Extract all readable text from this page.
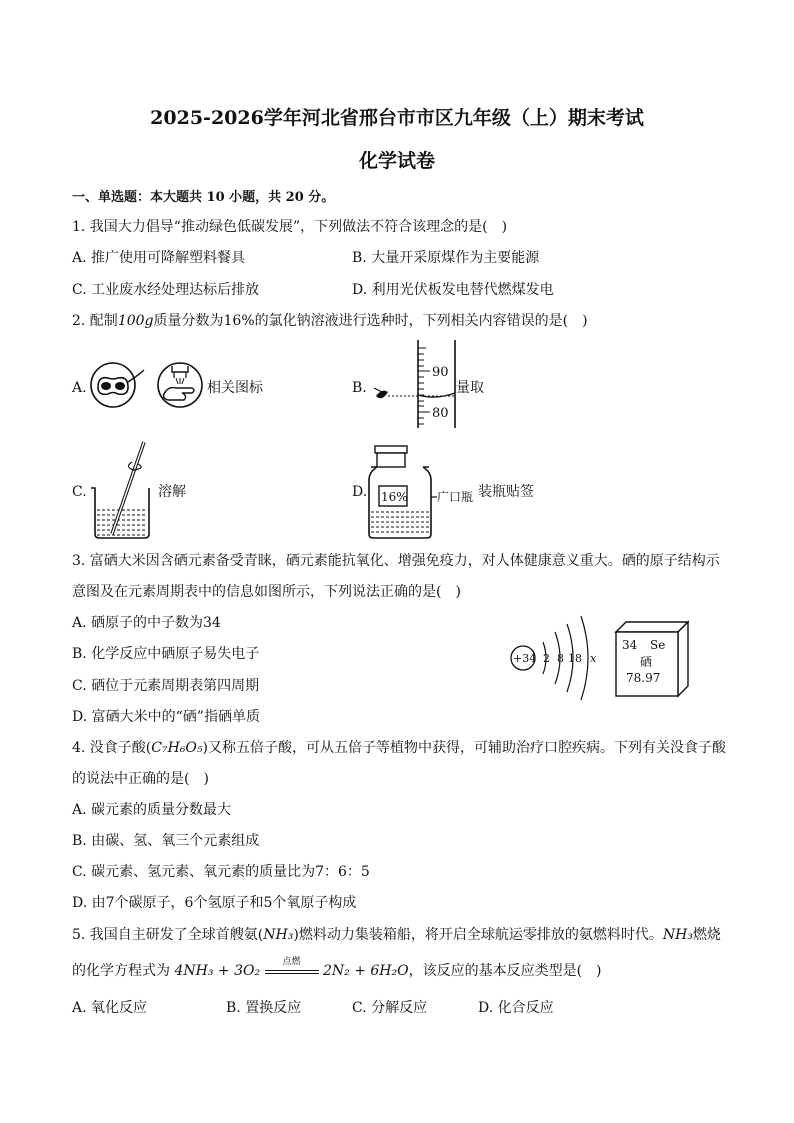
2025-2026学年河北省邢台市市区九年级（上）期末考试
化学试卷
一、单选题：本大题共 10 小题，共 20 分。
1. 我国大力倡导“推动绿色低碳发展”，下列做法不符合该理念的是(　)
A. 推广使用可降解塑料餐具	B. 大量开采原煤作为主要能源
C. 工业废水经处理达标后排放	D. 利用光伏板发电替代燃煤发电
2. 配制100g质量分数为16%的氯化钠溶液进行选种时，下列相关内容错误的是(　)
A.	相关图标	B.
90
80
量取
C.	溶解	D. 16% 广口瓶 装瓶贴签
3. 富硒大米因含硒元素备受青睐，硒元素能抗氧化、增强免疫力，对人体健康意义重大。硒的原子结构示
意图及在元素周期表中的信息如图所示，下列说法正确的是(　)
A. 硒原子的中子数为34
B. 化学反应中硒原子易失电子
C. 硒位于元素周期表第四周期
D. 富硒大米中的“硒”指硒单质
+34 2 8 18 x
34 Se
硒
78.97
4. 没食子酸(C₇H₆O₅)又称五倍子酸，可从五倍子等植物中获得，可辅助治疗口腔疾病。下列有关没食子酸
的说法中正确的是(　)
A. 碳元素的质量分数最大
B. 由碳、氢、氧三个元素组成
C. 碳元素、氢元素、氧元素的质量比为7：6：5
D. 由7个碳原子，6个氢原子和5个氧原子构成
5. 我国自主研发了全球首艘氨(NH₃)燃料动力集装箱船，将开启全球航运零排放的氨燃料时代。NH₃燃烧
的化学方程式为 4NH₃ + 3O₂
点燃
2N₂ + 6H₂O，该反应的基本反应类型是(　)
A. 氧化反应	B. 置换反应	C. 分解反应	D. 化合反应
